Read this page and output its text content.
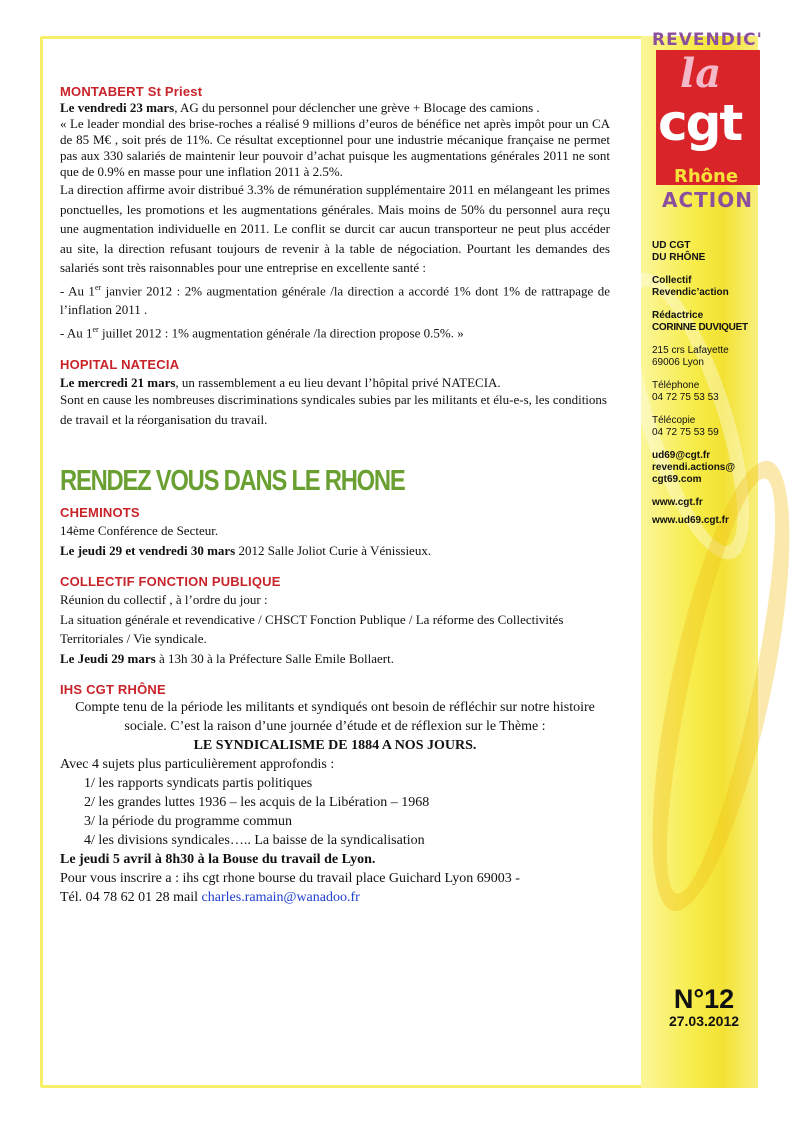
REVENDIC'
la
cgt
Rhône
ACTION
UD CGT
DU RHÔNE
Collectif
Revendic’action
Rédactrice
CORINNE DUVIQUET
215 crs Lafayette
69006 Lyon
Téléphone
04 72 75 53 53
Télécopie
04 72 75 53 59
ud69@cgt.fr
revendi.actions@
cgt69.com
www.cgt.fr
www.ud69.cgt.fr
N°12
27.03.2012
MONTABERT St Priest

Le vendredi 23 mars, AG du personnel pour déclencher une grève + Blocage des camions .

« Le leader mondial des brise-roches a réalisé 9 millions d’euros de bénéfice net après impôt pour un CA de 85 M€ , soit prés de 11%. Ce résultat exceptionnel pour une industrie mécanique française ne permet pas aux 330 salariés de maintenir leur pouvoir d’achat puisque les augmentations générales 2011 ne sont que de 0.9% en masse pour une inflation 2011 à 2.5%.

La direction affirme avoir distribué 3.3% de rémunération supplémentaire 2011 en mélangeant les primes ponctuelles, les promotions et les augmentations générales. Mais moins de 50% du personnel aura reçu une augmentation individuelle en 2011. Le conflit se durcit car aucun transporteur ne peut plus accéder au site, la direction refusant toujours de revenir à la table de négociation. Pourtant les demandes des salariés sont très raisonnables pour une entreprise en excellente santé :

- Au 1er janvier 2012 : 2% augmentation générale /la direction a accordé 1% dont 1% de rattrapage de l’inflation 2011 .

- Au 1er juillet 2012 : 1% augmentation générale /la direction propose 0.5%. »

HOPITAL NATECIA

Le mercredi 21 mars, un rassemblement a eu lieu devant l’hôpital privé NATECIA.

Sont en cause les nombreuses discriminations syndicales subies par les militants et élu-e-s, les conditions de travail et la réorganisation du travail.

RENDEZ VOUS DANS LE RHONE
CHEMINOTS

14ème Conférence de Secteur.

Le jeudi 29 et vendredi 30 mars 2012 Salle Joliot Curie à Vénissieux.

COLLECTIF FONCTION PUBLIQUE

Réunion du collectif , à l’ordre du jour :

La situation générale et revendicative / CHSCT Fonction Publique / La réforme des Collectivités Territoriales / Vie syndicale.

Le Jeudi 29 mars à 13h 30 à la Préfecture Salle Emile Bollaert.

IHS CGT RHÔNE

Compte tenu de la période les militants et syndiqués ont besoin de réfléchir sur notre histoire sociale. C’est la raison d’une journée d’étude et de réflexion sur le Thème :

LE SYNDICALISME DE 1884 A NOS JOURS.

Avec 4 sujets plus particulièrement approfondis :

1/ les rapports syndicats partis politiques

2/ les grandes luttes 1936 – les acquis de la Libération – 1968

3/ la période du programme commun

4/ les divisions syndicales….. La baisse de la syndicalisation

Le jeudi 5 avril à 8h30 à la Bouse du travail de Lyon.

Pour vous inscrire a : ihs cgt rhone bourse du travail place Guichard Lyon 69003 -

Tél. 04 78 62 01 28 mail charles.ramain@wanadoo.fr
